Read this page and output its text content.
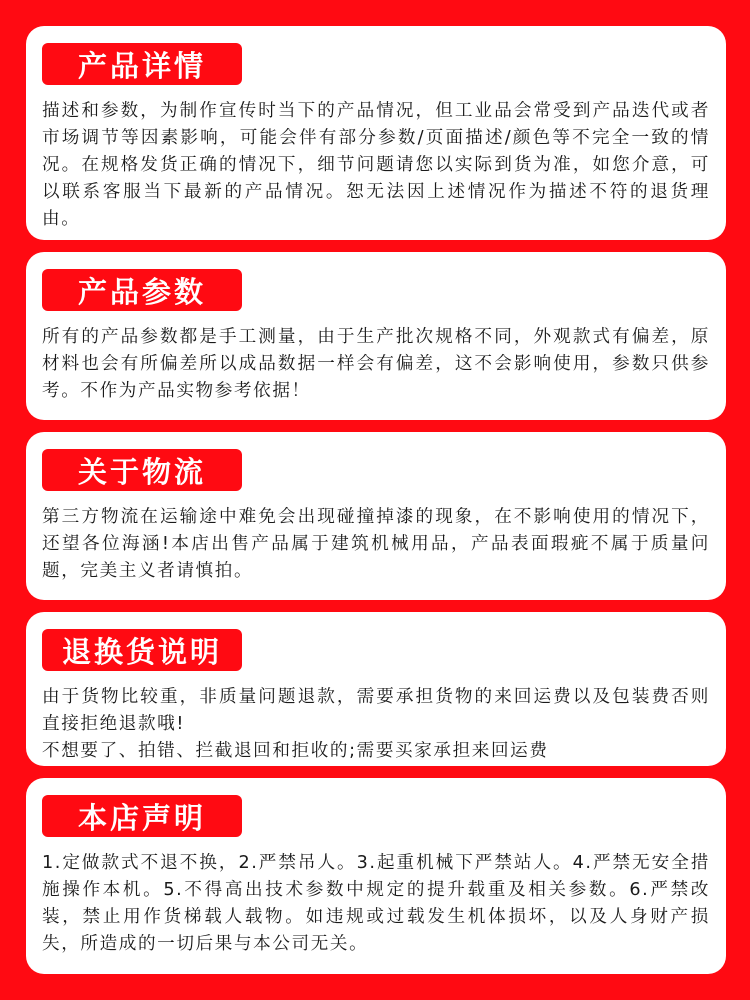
产品详情

描述和参数，为制作宣传时当下的产品情况，但工业品会常受到产品迭代或者市场调节等因素影响，可能会伴有部分参数/页面描述/颜色等不完全一致的情况。在规格发货正确的情况下，细节问题请您以实际到货为准，如您介意，可以联系客服当下最新的产品情况。恕无法因上述情况作为描述不符的退货理由。

产品参数

所有的产品参数都是手工测量，由于生产批次规格不同，外观款式有偏差，原材料也会有所偏差所以成品数据一样会有偏差，这不会影响使用，参数只供参考。不作为产品实物参考依据！

关于物流

第三方物流在运输途中难免会出现碰撞掉漆的现象，在不影响使用的情况下，还望各位海涵!本店出售产品属于建筑机械用品，产品表面瑕疵不属于质量问题，完美主义者请慎拍。

退换货说明

由于货物比较重，非质量问题退款，需要承担货物的来回运费以及包装费否则直接拒绝退款哦!

不想要了、拍错、拦截退回和拒收的;需要买家承担来回运费

本店声明

1.定做款式不退不换，2.严禁吊人。3.起重机械下严禁站人。4.严禁无安全措施操作本机。5.不得高出技术参数中规定的提升载重及相关参数。6.严禁改装，禁止用作货梯载人载物。如违规或过载发生机体损坏，以及人身财产损失，所造成的一切后果与本公司无关。
